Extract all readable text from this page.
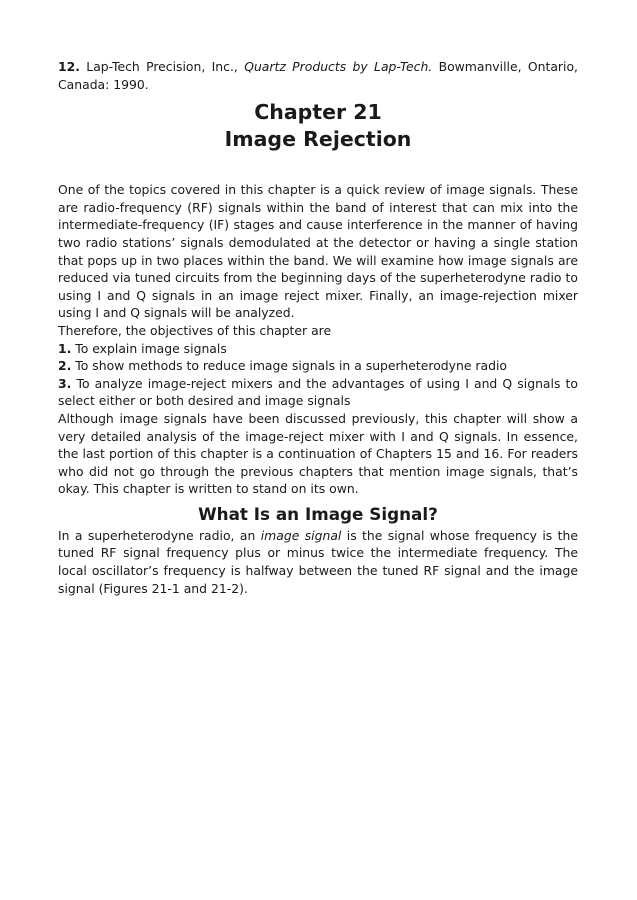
12. Lap-Tech Precision, Inc., Quartz Products by Lap-Tech. Bowmanville, Ontario, Canada: 1990.

Chapter 21
Image Rejection

One of the topics covered in this chapter is a quick review of image signals. These are radio-frequency (RF) signals within the band of interest that can mix into the intermediate-frequency (IF) stages and cause interference in the manner of having two radio stations’ signals demodulated at the detector or having a single station that pops up in two places within the band. We will examine how image signals are reduced via tuned circuits from the beginning days of the superheterodyne radio to using I and Q signals in an image reject mixer. Finally, an image-rejection mixer using I and Q signals will be analyzed.

Therefore, the objectives of this chapter are

1. To explain image signals

2. To show methods to reduce image signals in a superheterodyne radio

3. To analyze image-reject mixers and the advantages of using I and Q signals to select either or both desired and image signals

Although image signals have been discussed previously, this chapter will show a very detailed analysis of the image-reject mixer with I and Q signals. In essence, the last portion of this chapter is a continuation of Chapters 15 and 16. For readers who did not go through the previous chapters that mention image signals, that’s okay. This chapter is written to stand on its own.

What Is an Image Signal?

In a superheterodyne radio, an image signal is the signal whose frequency is the tuned RF signal frequency plus or minus twice the intermediate frequency. The local oscillator’s frequency is halfway between the tuned RF signal and the image signal (Figures 21-1 and 21-2).
